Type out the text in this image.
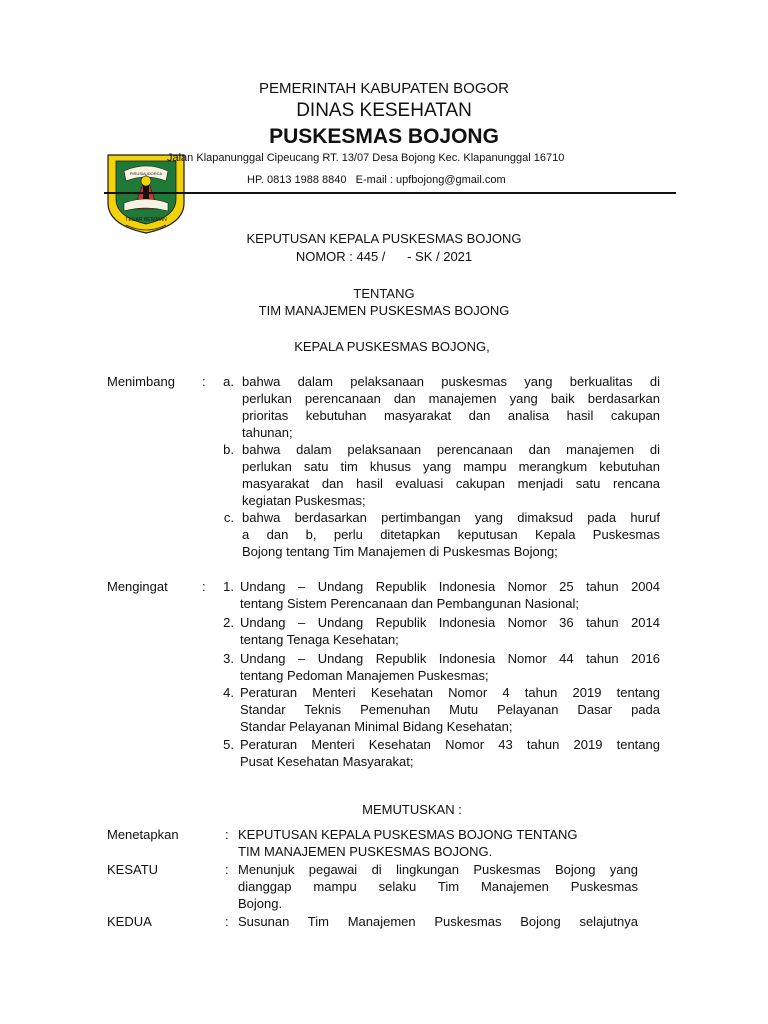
PIRUSIA IDORCA
TEGAR BERIMAN
PEMERINTAH KABUPATEN BOGOR
DINAS KESEHATAN
PUSKESMAS BOJONG
Jalan Klapanunggal Cipeucang RT. 13/07 Desa Bojong Kec. Klapanunggal 16710
HP. 0813 1988 8840   E-mail : upfbojong@gmail.com
KEPUTUSAN KEPALA PUSKESMAS BOJONG
NOMOR : 445 /      - SK / 2021
TENTANG
TIM MANAJEMEN PUSKESMAS BOJONG
KEPALA PUSKESMAS BOJONG,
Menimbang :	a. bahwa dalam pelaksanaan puskesmas yang berkualitas di
perlukan perencanaan dan manajemen yang baik berdasarkan
prioritas kebutuhan masyarakat dan analisa hasil cakupan
tahunan;
b. bahwa dalam pelaksanaan perencanaan dan manajemen di
perlukan satu tim khusus yang mampu merangkum kebutuhan
masyarakat dan hasil evaluasi cakupan menjadi satu rencana
kegiatan Puskesmas;
c. bahwa berdasarkan pertimbangan yang dimaksud pada huruf
a dan b, perlu ditetapkan keputusan Kepala Puskesmas
Bojong tentang Tim Manajemen di Puskesmas Bojong;
Mengingat	:	1. Undang – Undang Republik Indonesia Nomor 25 tahun 2004
tentang Sistem Perencanaan dan Pembangunan Nasional;
2. Undang – Undang Republik Indonesia Nomor 36 tahun 2014
tentang Tenaga Kesehatan;
3. Undang – Undang Republik Indonesia Nomor 44 tahun 2016
tentang Pedoman Manajemen Puskesmas;
4. Peraturan Menteri Kesehatan Nomor 4 tahun 2019 tentang
Standar Teknis Pemenuhan Mutu Pelayanan Dasar pada
Standar Pelayanan Minimal Bidang Kesehatan;
5. Peraturan Menteri Kesehatan Nomor 43 tahun 2019 tentang
Pusat Kesehatan Masyarakat;
MEMUTUSKAN :
Menetapkan	: KEPUTUSAN KEPALA PUSKESMAS BOJONG TENTANG
TIM MANAJEMEN PUSKESMAS BOJONG.
KESATU	: Menunjuk pegawai di lingkungan Puskesmas Bojong yang
dianggap mampu selaku Tim Manajemen Puskesmas
Bojong.
KEDUA	: Susunan Tim Manajemen Puskesmas Bojong selajutnya
